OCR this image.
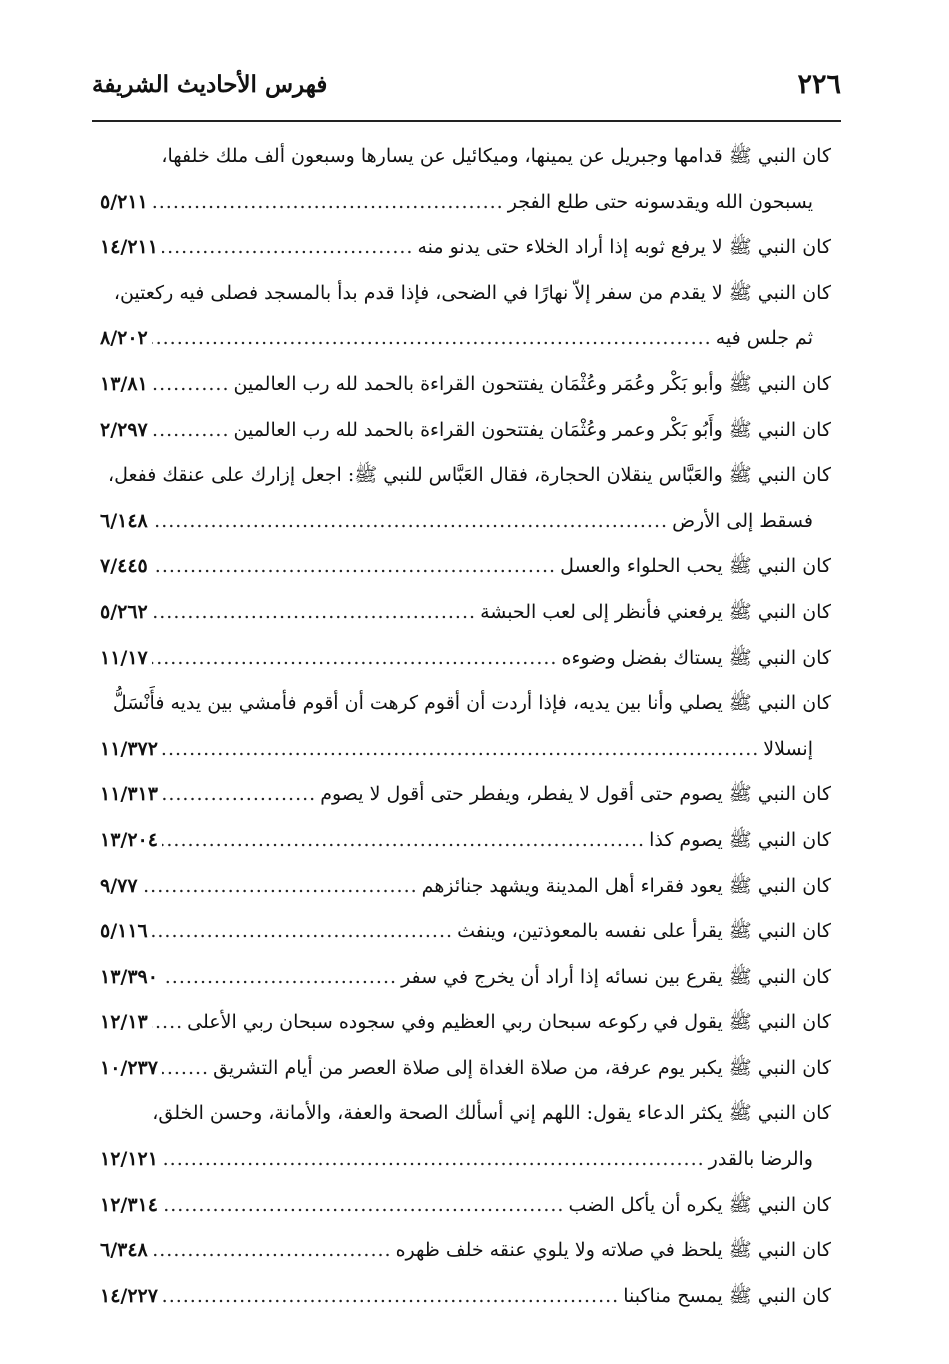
٢٢٦
فهرس الأحاديث الشريفة
كان النبي ﷺ قدامها وجبريل عن يمينها، وميكائيل عن يسارها وسبعون ألف ملك خلفها،
يسبحون الله ويقدسونه حتى طلع الفجر
.....
٥/٢١١
كان النبي ﷺ لا يرفع ثوبه إذا أراد الخلاء حتى يدنو منه
.....
١٤/٢١١
كان النبي ﷺ لا يقدم من سفر إلاّ نهارًا في الضحى، فإذا قدم بدأ بالمسجد فصلى فيه ركعتين،
ثم جلس فيه
.....
٨/٢٠٢
كان النبي ﷺ وأبو بَكْر وعُمَر وعُثْمَان يفتتحون القراءة بالحمد لله رب العالمين
.....
١٣/٨١
كان النبي ﷺ وأَبُو بَكْر وعمر وعُثْمَان يفتتحون القراءة بالحمد لله رب العالمين
.....
٢/٢٩٧
كان النبي ﷺ والعَبَّاس ينقلان الحجارة، فقال العَبَّاس للنبي ﷺ: اجعل إزارك على عنقك ففعل،
فسقط إلى الأرض
.....
٦/١٤٨
كان النبي ﷺ يحب الحلواء والعسل
.....
٧/٤٤٥
كان النبي ﷺ يرفعني فأنظر إلى لعب الحبشة
.....
٥/٢٦٢
كان النبي ﷺ يستاك بفضل وضوءه
.....
١١/١٧
كان النبي ﷺ يصلي وأنا بين يديه، فإذا أردت أن أقوم كرهت أن أقوم فأمشي بين يديه فأَنْسَلُّ
إنسلالا
.....
١١/٣٧٢
كان النبي ﷺ يصوم حتى أقول لا يفطر، ويفطر حتى أقول لا يصوم
.....
١١/٣١٣
كان النبي ﷺ يصوم كذا
.....
١٣/٢٠٤
كان النبي ﷺ يعود فقراء أهل المدينة ويشهد جنائزهم
.....
٩/٧٧
كان النبي ﷺ يقرأ على نفسه بالمعوذتين، وينفث
.....
٥/١١٦
كان النبي ﷺ يقرع بين نسائه إذا أراد أن يخرج في سفر
.....
١٣/٣٩٠
كان النبي ﷺ يقول في ركوعه سبحان ربي العظيم وفي سجوده سبحان ربي الأعلى
.....
١٢/١٣
كان النبي ﷺ يكبر يوم عرفة، من صلاة الغداة إلى صلاة العصر من أيام التشريق
.....
١٠/٢٣٧
كان النبي ﷺ يكثر الدعاء يقول: اللهم إني أسألك الصحة والعفة، والأمانة، وحسن الخلق،
والرضا بالقدر
.....
١٢/١٢١
كان النبي ﷺ يكره أن يأكل الضب
.....
١٢/٣١٤
كان النبي ﷺ يلحظ في صلاته ولا يلوي عنقه خلف ظهره
.....
٦/٣٤٨
كان النبي ﷺ يمسح مناكبنا
.....
١٤/٢٢٧
